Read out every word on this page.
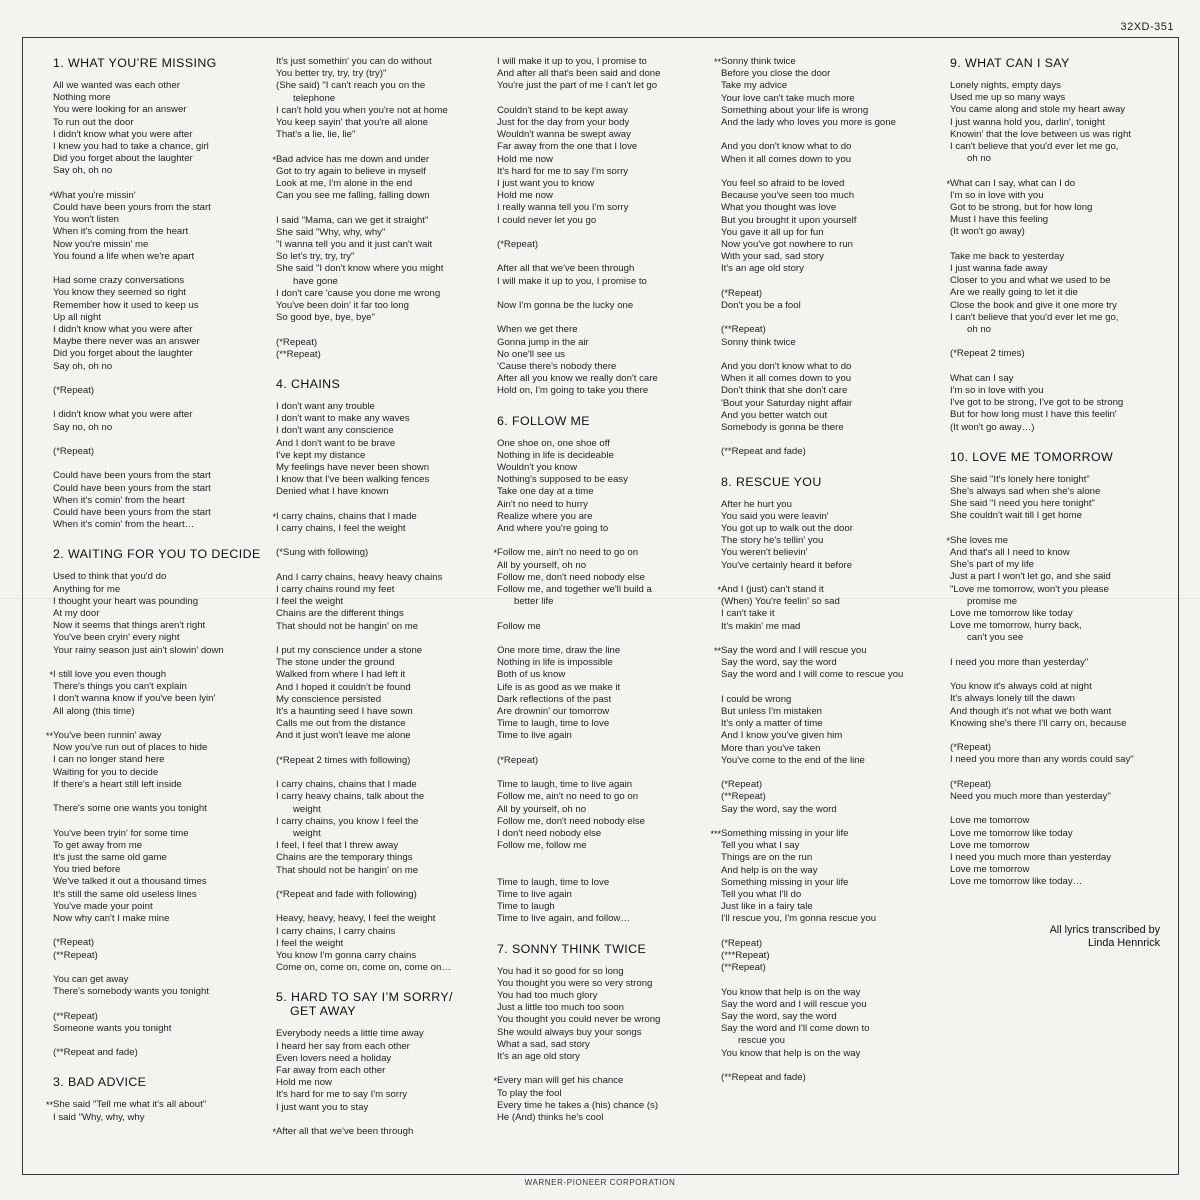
32XD-351
1. WHAT YOU’RE MISSING
All we wanted was each other
Nothing more
You were looking for an answer
To run out the door
I didn't know what you were after
I knew you had to take a chance, girl
Did you forget about the laughter
Say oh, oh no
* What you're missin'
Could have been yours from the start
You won't listen
When it's coming from the heart
Now you're missin' me
You found a life when we're apart
Had some crazy conversations
You know they seemed so right
Remember how it used to keep us
Up all night
I didn't know what you were after
Maybe there never was an answer
Did you forget about the laughter
Say oh, oh no
(*Repeat)
I didn't know what you were after
Say no, oh no
(*Repeat)
Could have been yours from the start
Could have been yours from the start
When it's comin' from the heart
Could have been yours from the start
When it's comin' from the heart…
2. WAITING FOR YOU TO DECIDE
Used to think that you'd do
Anything for me
I thought your heart was pounding
At my door
Now it seems that things aren't right
You've been cryin' every night
Your rainy season just ain't slowin' down
* I still love you even though
There's things you can't explain
I don't wanna know if you've been lyin'
All along (this time)
** You've been runnin' away
Now you've run out of places to hide
I can no longer stand here
Waiting for you to decide
If there's a heart still left inside
There's some one wants you tonight
You've been tryin' for some time
To get away from me
It's just the same old game
You tried before
We've talked it out a thousand times
It's still the same old useless lines
You've made your point
Now why can't I make mine
(*Repeat)
(**Repeat)
You can get away
There's somebody wants you tonight
(**Repeat)
Someone wants you tonight
(**Repeat and fade)
3. BAD ADVICE
** She said "Tell me what it's all about"
I said "Why, why, why
It's just somethin' you can do without
You better try, try, try (try)"
(She said) "I can't reach you on the
telephone
I can't hold you when you're not at home
You keep sayin' that you're all alone
That's a lie, lie, lie"
* Bad advice has me down and under
Got to try again to believe in myself
Look at me, I'm alone in the end
Can you see me falling, falling down
I said "Mama, can we get it straight"
She said "Why, why, why"
"I wanna tell you and it just can't wait
So let's try, try, try"
She said "I don't know where you might
have gone
I don't care 'cause you done me wrong
You've been doin' it far too long
So good bye, bye, bye"
(*Repeat)
(**Repeat)
4. CHAINS
I don't want any trouble
I don't want to make any waves
I don't want any conscience
And I don't want to be brave
I've kept my distance
My feelings have never been shown
I know that I've been walking fences
Denied what I have known
* I carry chains, chains that I made
I carry chains, I feel the weight
(*Sung with following)
And I carry chains, heavy heavy chains
I carry chains round my feet
I feel the weight
Chains are the different things
That should not be hangin' on me
I put my conscience under a stone
The stone under the ground
Walked from where I had left it
And I hoped it couldn't be found
My conscience persisted
It's a haunting seed I have sown
Calls me out from the distance
And it just won't leave me alone
(*Repeat 2 times with following)
I carry chains, chains that I made
I carry heavy chains, talk about the
weight
I carry chains, you know I feel the
weight
I feel, I feel that I threw away
Chains are the temporary things
That should not be hangin' on me
(*Repeat and fade with following)
Heavy, heavy, heavy, I feel the weight
I carry chains, I carry chains
I feel the weight
You know I'm gonna carry chains
Come on, come on, come on, come on…
5. HARD TO SAY I’M SORRY/
GET AWAY
Everybody needs a little time away
I heard her say from each other
Even lovers need a holiday
Far away from each other
Hold me now
It's hard for me to say I'm sorry
I just want you to stay
* After all that we've been through
I will make it up to you, I promise to
And after all that's been said and done
You're just the part of me I can't let go
Couldn't stand to be kept away
Just for the day from your body
Wouldn't wanna be swept away
Far away from the one that I love
Hold me now
It's hard for me to say I'm sorry
I just want you to know
Hold me now
I really wanna tell you I'm sorry
I could never let you go
(*Repeat)
After all that we've been through
I will make it up to you, I promise to
Now I'm gonna be the lucky one
When we get there
Gonna jump in the air
No one'll see us
'Cause there's nobody there
After all you know we really don't care
Hold on, I'm going to take you there
6. FOLLOW ME
One shoe on, one shoe off
Nothing in life is decideable
Wouldn't you know
Nothing's supposed to be easy
Take one day at a time
Ain't no need to hurry
Realize where you are
And where you're going to
* Follow me, ain't no need to go on
All by yourself, oh no
Follow me, don't need nobody else
Follow me, and together we'll build a
better life
Follow me
One more time, draw the line
Nothing in life is impossible
Both of us know
Life is as good as we make it
Dark reflections of the past
Are drownin' our tomorrow
Time to laugh, time to love
Time to live again
(*Repeat)
Time to laugh, time to live again
Follow me, ain't no need to go on
All by yourself, oh no
Follow me, don't need nobody else
I don't need nobody else
Follow me, follow me
Time to laugh, time to love
Time to live again
Time to laugh
Time to live again, and follow…
7. SONNY THINK TWICE
You had it so good for so long
You thought you were so very strong
You had too much glory
Just a little too much too soon
You thought you could never be wrong
She would always buy your songs
What a sad, sad story
It's an age old story
* Every man will get his chance
To play the fool
Every time he takes a (his) chance (s)
He (And) thinks he's cool
** Sonny think twice
Before you close the door
Take my advice
Your love can't take much more
Something about your life is wrong
And the lady who loves you more is gone
And you don't know what to do
When it all comes down to you
You feel so afraid to be loved
Because you've seen too much
What you thought was love
But you brought it upon yourself
You gave it all up for fun
Now you've got nowhere to run
With your sad, sad story
It's an age old story
(*Repeat)
Don't you be a fool
(**Repeat)
Sonny think twice
And you don't know what to do
When it all comes down to you
Don't think that she don't care
'Bout your Saturday night affair
And you better watch out
Somebody is gonna be there
(**Repeat and fade)
8. RESCUE YOU
After he hurt you
You said you were leavin'
You got up to walk out the door
The story he's tellin' you
You weren't believin'
You've certainly heard it before
* And I (just) can't stand it
(When) You're feelin' so sad
I can't take it
It's makin' me mad
** Say the word and I will rescue you
Say the word, say the word
Say the word and I will come to rescue you
I could be wrong
But unless I'm mistaken
It's only a matter of time
And I know you've given him
More than you've taken
You've come to the end of the line
(*Repeat)
(**Repeat)
Say the word, say the word
*** Something missing in your life
Tell you what I say
Things are on the run
And help is on the way
Something missing in your life
Tell you what I'll do
Just like in a fairy tale
I'll rescue you, I'm gonna rescue you
(*Repeat)
(***Repeat)
(**Repeat)
You know that help is on the way
Say the word and I will rescue you
Say the word, say the word
Say the word and I'll come down to
rescue you
You know that help is on the way
(**Repeat and fade)
9. WHAT CAN I SAY
Lonely nights, empty days
Used me up so many ways
You came along and stole my heart away
I just wanna hold you, darlin', tonight
Knowin' that the love between us was right
I can't believe that you'd ever let me go,
oh no
* What can I say, what can I do
I'm so in love with you
Got to be strong, but for how long
Must I have this feeling
(It won't go away)
Take me back to yesterday
I just wanna fade away
Closer to you and what we used to be
Are we really going to let it die
Close the book and give it one more try
I can't believe that you'd ever let me go,
oh no
(*Repeat 2 times)
What can I say
I'm so in love with you
I've got to be strong, I've got to be strong
But for how long must I have this feelin'
(It won't go away…)
10. LOVE ME TOMORROW
She said "It's lonely here tonight"
She's always sad when she's alone
She said "I need you here tonight"
She couldn't wait till I get home
* She loves me
And that's all I need to know
She's part of my life
Just a part I won't let go, and she said
"Love me tomorrow, won't you please
promise me
Love me tomorrow like today
Love me tomorrow, hurry back,
can't you see
I need you more than yesterday"
You know it's always cold at night
It's always lonely till the dawn
And though it's not what we both want
Knowing she's there I'll carry on, because
(*Repeat)
I need you more than any words could say"
(*Repeat)
Need you much more than yesterday"
Love me tomorrow
Love me tomorrow like today
Love me tomorrow
I need you much more than yesterday
Love me tomorrow
Love me tomorrow like today…
All lyrics transcribed by
Linda Hennrick
WARNER-PIONEER CORPORATION
